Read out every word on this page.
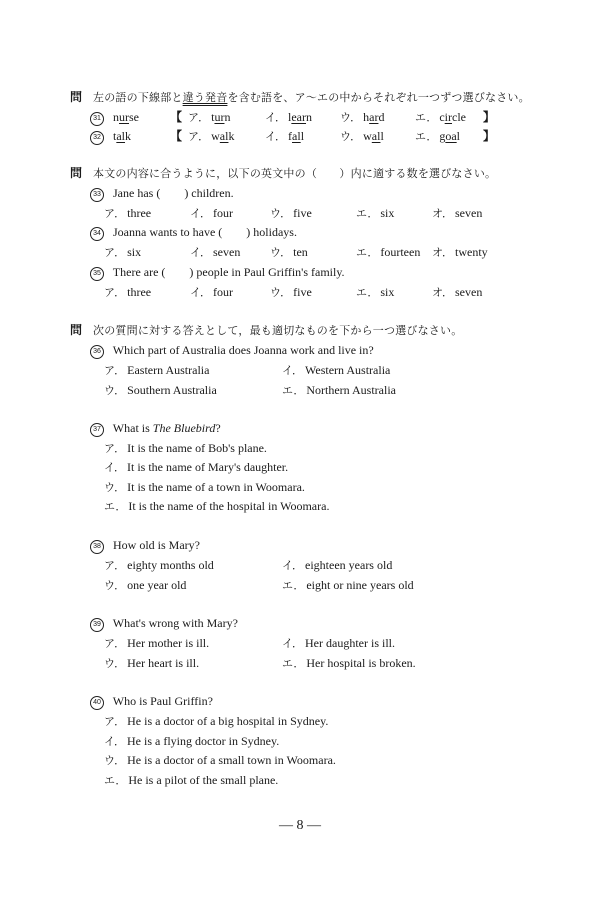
問 左の語の下線部と違う発音を含む語を、ア～エの中からそれぞれ一つずつ選びなさい。
31 nurse	【 ア． turn	イ． learn	ウ． hard	エ． circle 】
32 talk	【 ア． walk	イ． fall	ウ． wall	エ． goal 】
問 本文の内容に合うように，以下の英文中の（　　）内に適する数を選びなさい。
33 Jane has (　　) children.
ア． three	イ． four	ウ． five	エ． six	オ． seven
34 Joanna wants to have (　　) holidays.
ア． six	イ． seven	ウ． ten	エ． fourteen オ． twenty
35 There are (　　) people in Paul Griffin's family.
ア． three	イ． four	ウ． five	エ． six	オ． seven
問 次の質問に対する答えとして，最も適切なものを下から一つ選びなさい。
36 Which part of Australia does Joanna work and live in?
ア． Eastern Australia	イ． Western Australia
ウ． Southern Australia	エ． Northern Australia
37 What is The Bluebird?
ア． It is the name of Bob's plane.
イ． It is the name of Mary's daughter.
ウ． It is the name of a town in Woomara.
エ． It is the name of the hospital in Woomara.
38 How old is Mary?
ア． eighty months old	イ． eighteen years old
ウ． one year old	エ． eight or nine years old
39 What's wrong with Mary?
ア． Her mother is ill.	イ． Her daughter is ill.
ウ． Her heart is ill.	エ． Her hospital is broken.
40 Who is Paul Griffin?
ア． He is a doctor of a big hospital in Sydney.
イ． He is a flying doctor in Sydney.
ウ． He is a doctor of a small town in Woomara.
エ． He is a pilot of the small plane.
— 8 —
